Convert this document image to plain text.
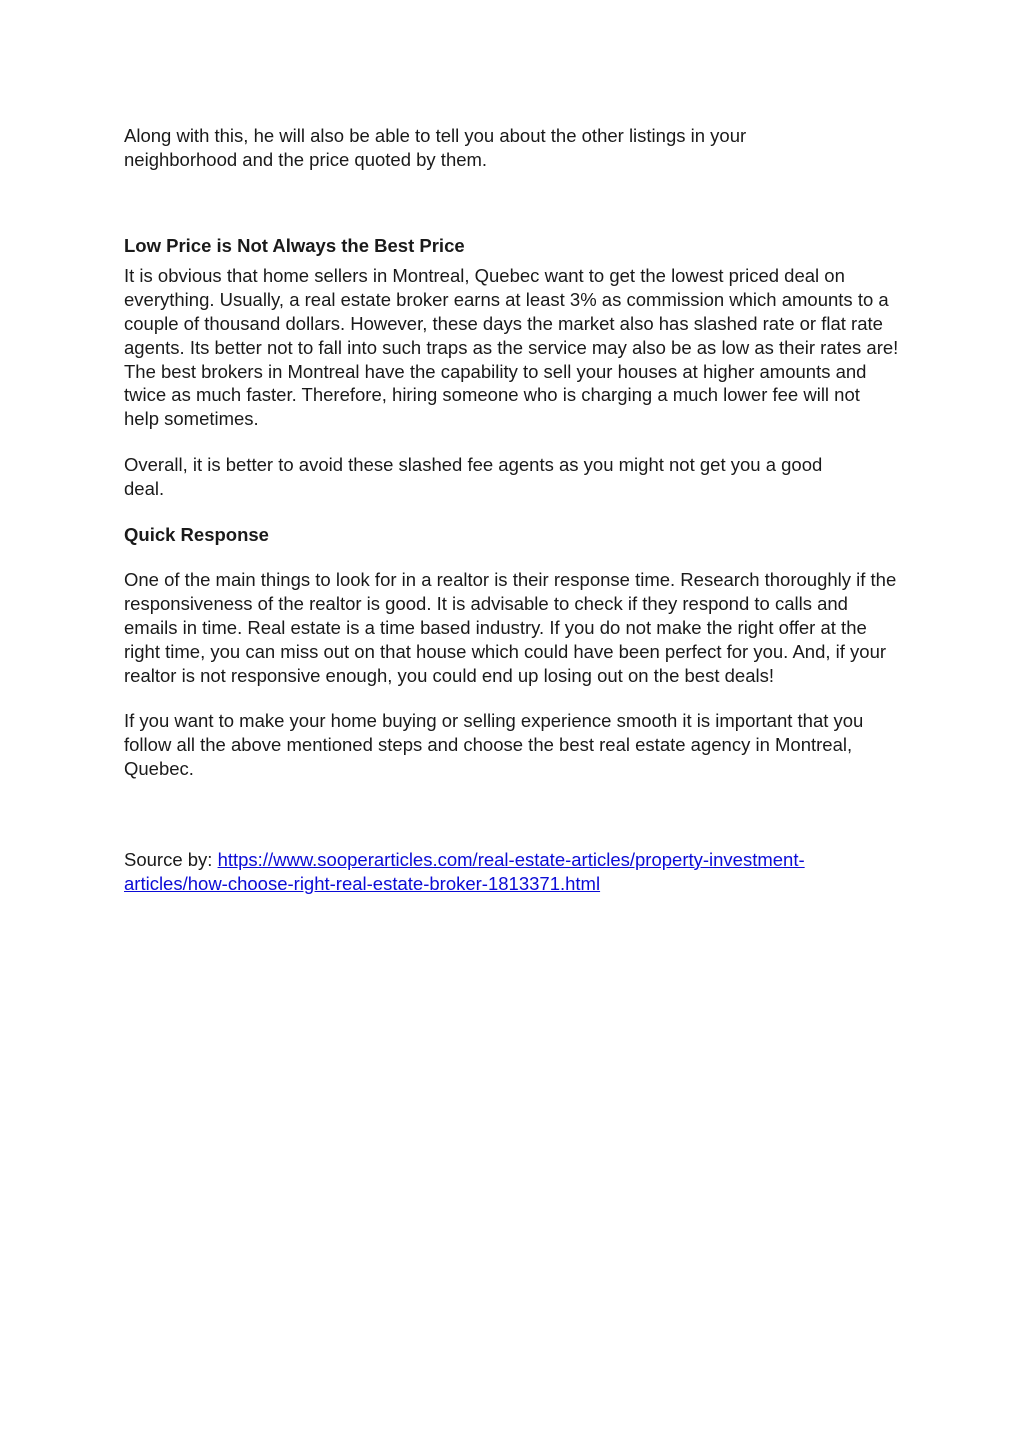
Along with this, he will also be able to tell you about the other listings in your neighborhood and the price quoted by them.

Low Price is Not Always the Best Price

It is obvious that home sellers in Montreal, Quebec want to get the lowest priced deal on everything. Usually, a real estate broker earns at least 3% as commission which amounts to a couple of thousand dollars. However, these days the market also has slashed rate or flat rate agents. Its better not to fall into such traps as the service may also be as low as their rates are! The best brokers in Montreal have the capability to sell your houses at higher amounts and twice as much faster. Therefore, hiring someone who is charging a much lower fee will not help sometimes.

Overall, it is better to avoid these slashed fee agents as you might not get you a good deal.

Quick Response

One of the main things to look for in a realtor is their response time. Research thoroughly if the responsiveness of the realtor is good. It is advisable to check if they respond to calls and emails in time. Real estate is a time based industry. If you do not make the right offer at the right time, you can miss out on that house which could have been perfect for you. And, if your realtor is not responsive enough, you could end up losing out on the best deals!

If you want to make your home buying or selling experience smooth it is important that you follow all the above mentioned steps and choose the best real estate agency in Montreal, Quebec.

Source by: https://www.sooperarticles.com/real-estate-articles/property-investment-articles/how-choose-right-real-estate-broker-1813371.html
